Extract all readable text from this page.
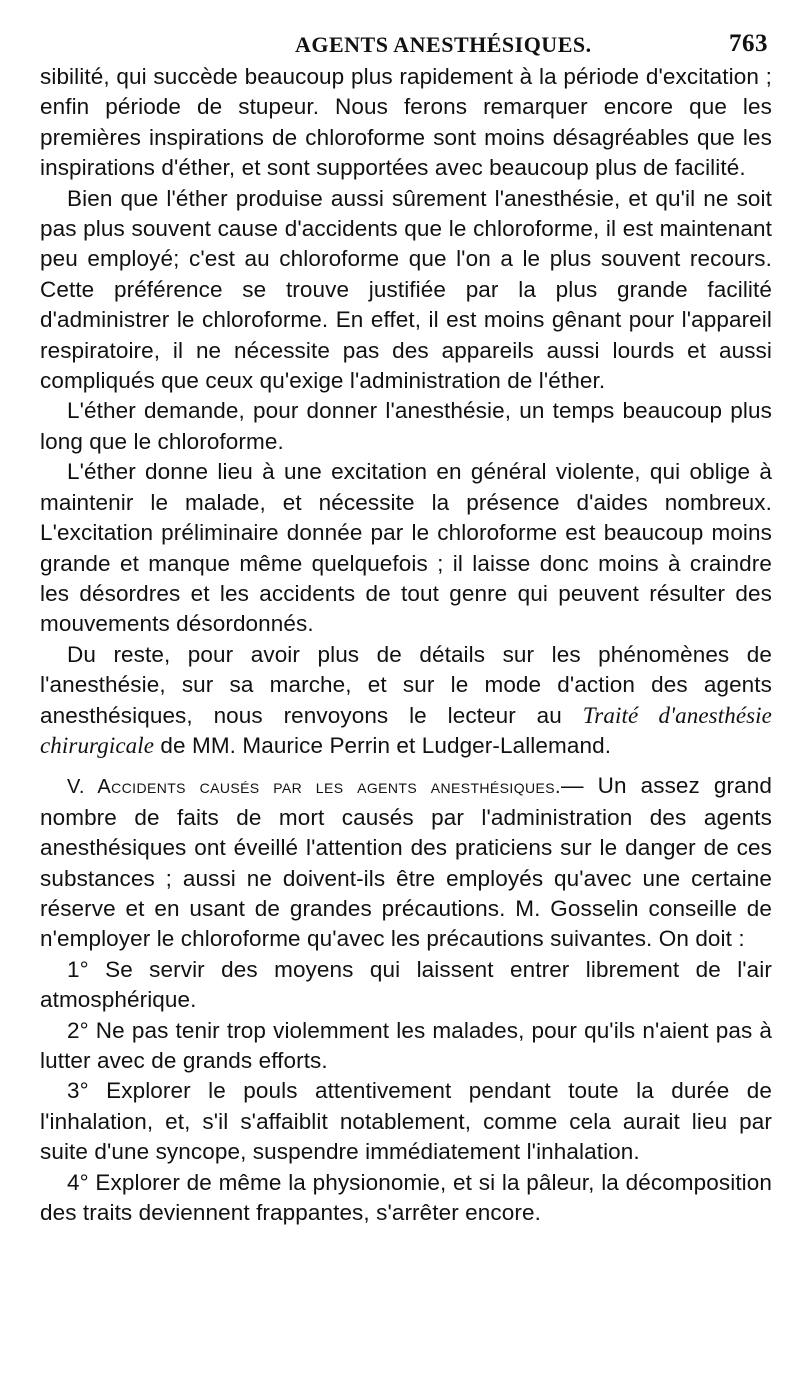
AGENTS ANESTHÉSIQUES.	763

sibilité, qui succède beaucoup plus rapidement à la période d'excitation ; enfin période de stupeur. Nous ferons remarquer encore que les premières inspirations de chloroforme sont moins désagréables que les inspirations d'éther, et sont supportées avec beaucoup plus de facilité.

Bien que l'éther produise aussi sûrement l'anesthésie, et qu'il ne soit pas plus souvent cause d'accidents que le chloroforme, il est maintenant peu employé; c'est au chloroforme que l'on a le plus souvent recours. Cette préférence se trouve justifiée par la plus grande facilité d'administrer le chloroforme. En effet, il est moins gênant pour l'appareil respiratoire, il ne nécessite pas des appareils aussi lourds et aussi compliqués que ceux qu'exige l'administration de l'éther.

L'éther demande, pour donner l'anesthésie, un temps beaucoup plus long que le chloroforme.

L'éther donne lieu à une excitation en général violente, qui oblige à maintenir le malade, et nécessite la présence d'aides nombreux. L'excitation préliminaire donnée par le chloroforme est beaucoup moins grande et manque même quelquefois ; il laisse donc moins à craindre les désordres et les accidents de tout genre qui peuvent résulter des mouvements désordonnés.

Du reste, pour avoir plus de détails sur les phénomènes de l'anesthésie, sur sa marche, et sur le mode d'action des agents anesthésiques, nous renvoyons le lecteur au Traité d'anesthésie chirurgicale de MM. Maurice Perrin et Ludger-Lallemand.

V. Accidents causés par les agents anesthésiques.— Un assez grand nombre de faits de mort causés par l'administration des agents anesthésiques ont éveillé l'attention des praticiens sur le danger de ces substances ; aussi ne doivent-ils être employés qu'avec une certaine réserve et en usant de grandes précautions. M. Gosselin conseille de n'employer le chloroforme qu'avec les précautions suivantes. On doit :

1° Se servir des moyens qui laissent entrer librement de l'air atmosphérique.

2° Ne pas tenir trop violemment les malades, pour qu'ils n'aient pas à lutter avec de grands efforts.

3° Explorer le pouls attentivement pendant toute la durée de l'inhalation, et, s'il s'affaiblit notablement, comme cela aurait lieu par suite d'une syncope, suspendre immédiatement l'inhalation.

4° Explorer de même la physionomie, et si la pâleur, la décomposition des traits deviennent frappantes, s'arrêter encore.
